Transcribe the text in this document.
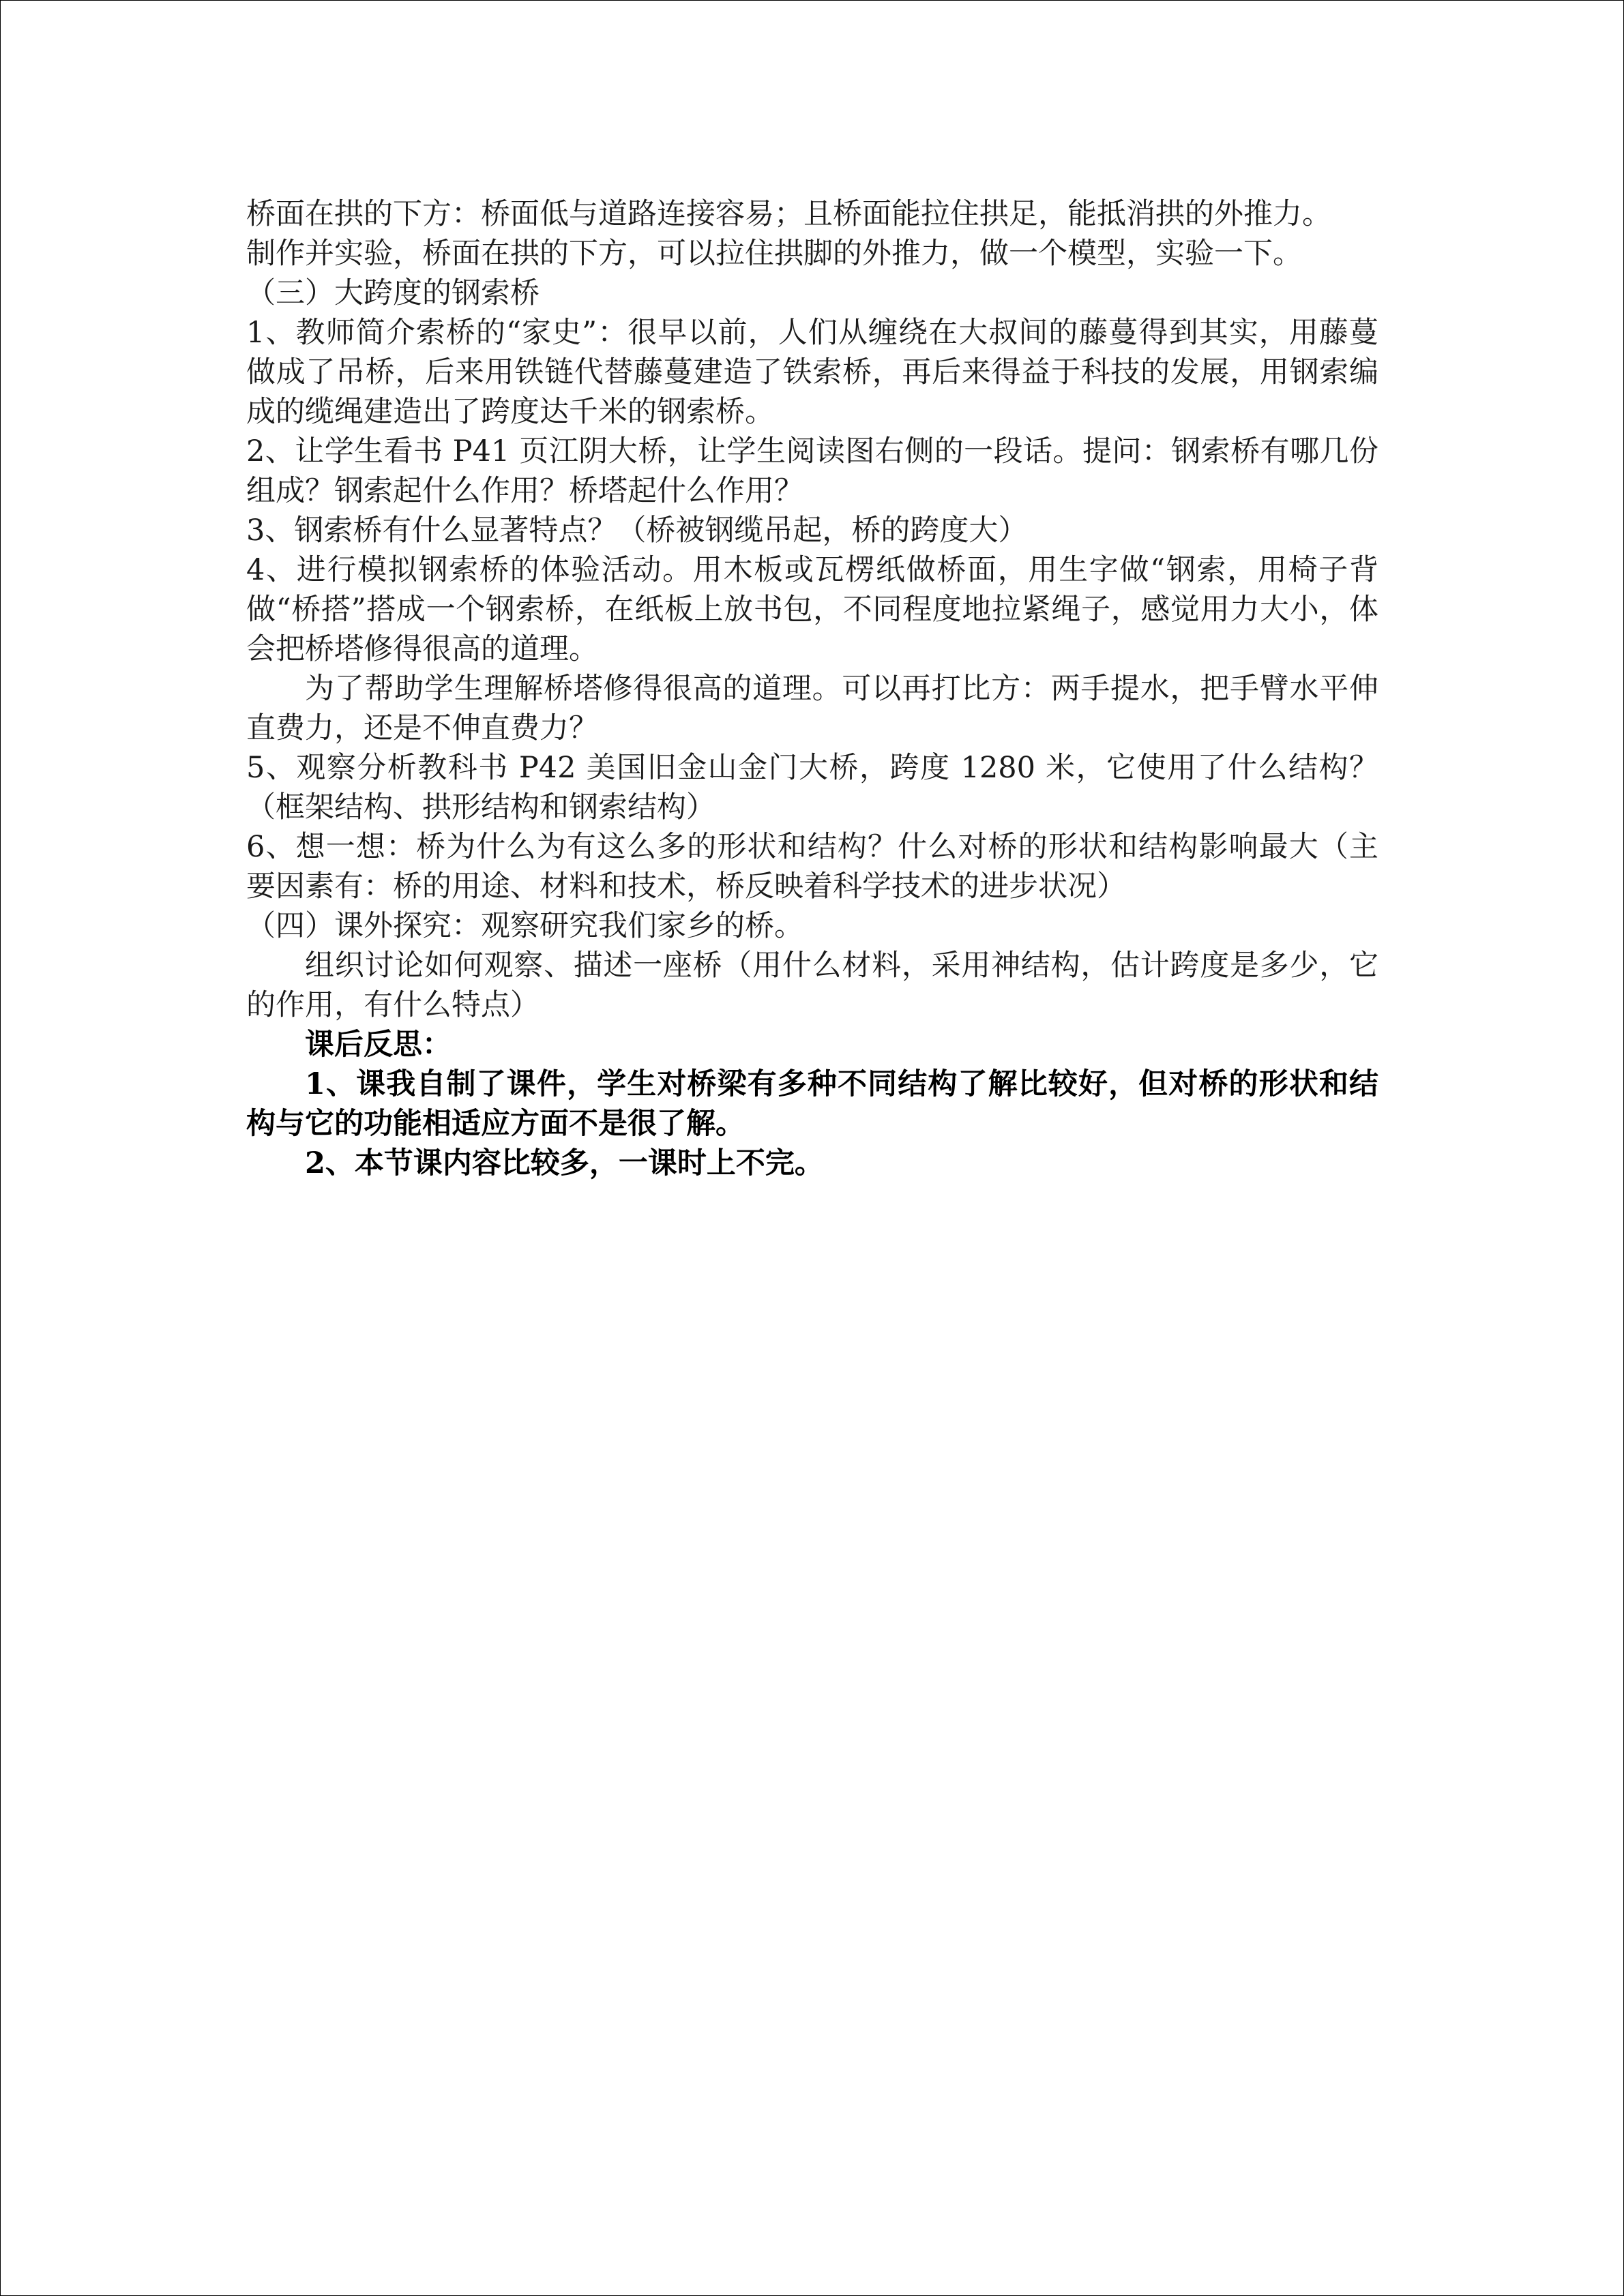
桥面在拱的下方：桥面低与道路连接容易；且桥面能拉住拱足，能抵消拱的外推力。

制作并实验，桥面在拱的下方，可以拉住拱脚的外推力，做一个模型，实验一下。

（三）大跨度的钢索桥

1、教师简介索桥的“家史”：很早以前，人们从缠绕在大叔间的藤蔓得到其实，用藤蔓做成了吊桥，后来用铁链代替藤蔓建造了铁索桥，再后来得益于科技的发展，用钢索编成的缆绳建造出了跨度达千米的钢索桥。

2、让学生看书 P41 页江阴大桥，让学生阅读图右侧的一段话。提问：钢索桥有哪几份组成？钢索起什么作用？桥塔起什么作用？

3、钢索桥有什么显著特点？（桥被钢缆吊起，桥的跨度大）

4、进行模拟钢索桥的体验活动。用木板或瓦楞纸做桥面，用生字做“钢索，用椅子背做“桥搭”搭成一个钢索桥，在纸板上放书包，不同程度地拉紧绳子，感觉用力大小，体会把桥塔修得很高的道理。

为了帮助学生理解桥塔修得很高的道理。可以再打比方：两手提水，把手臂水平伸直费力，还是不伸直费力？

5、观察分析教科书 P42 美国旧金山金门大桥，跨度 1280 米，它使用了什么结构？（框架结构、拱形结构和钢索结构）

6、想一想：桥为什么为有这么多的形状和结构？什么对桥的形状和结构影响最大（主要因素有：桥的用途、材料和技术，桥反映着科学技术的进步状况）

（四）课外探究：观察研究我们家乡的桥。

组织讨论如何观察、描述一座桥（用什么材料，采用神结构，估计跨度是多少，它的作用，有什么特点）

课后反思：

1、课我自制了课件，学生对桥梁有多种不同结构了解比较好，但对桥的形状和结构与它的功能相适应方面不是很了解。

2、本节课内容比较多，一课时上不完。
